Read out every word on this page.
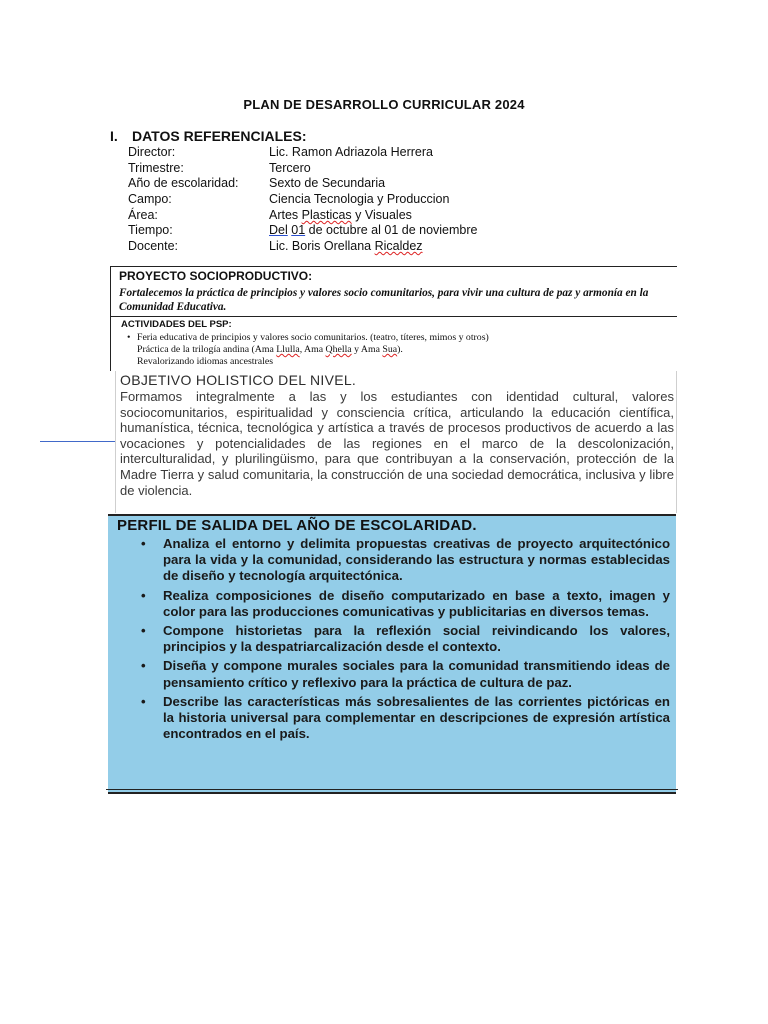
PLAN DE DESARROLLO CURRICULAR 2024
I. DATOS REFERENCIALES:
Director:	Lic. Ramon Adriazola Herrera
Trimestre:	Tercero
Año de escolaridad: Sexto de Secundaria
Campo:	Ciencia Tecnologia y Produccion
Área:	Artes Plasticas y Visuales
Tiempo:	Del 01 de octubre al 01 de noviembre
Docente:	Lic. Boris Orellana Ricaldez
PROYECTO SOCIOPRODUCTIVO:
Fortalecemos la práctica de principios y valores socio comunitarios, para vivir una cultura de paz y armonía en la Comunidad Educativa.
ACTIVIDADES DEL PSP:
• Feria educativa de principios y valores socio comunitarios. (teatro, títeres, mimos y otros)
Práctica de la trilogía andina (Ama Llulla, Ama Qhella y Ama Sua).
Revalorizando idiomas ancestrales
OBJETIVO HOLISTICO DEL NIVEL.
Formamos integralmente a las y los estudiantes con identidad cultural, valores sociocomunitarios, espiritualidad y consciencia crítica, articulando la educación científica, humanística, técnica, tecnológica y artística a través de procesos productivos de acuerdo a las vocaciones y potencialidades de las regiones en el marco de la descolonización, interculturalidad, y plurilingüismo, para que contribuyan a la conservación, protección de la Madre Tierra y salud comunitaria, la construcción de una sociedad democrática, inclusiva y libre de violencia.
PERFIL DE SALIDA DEL AÑO DE ESCOLARIDAD.
• Analiza el entorno y delimita propuestas creativas de proyecto arquitectónico para la vida y la comunidad, considerando las estructura y normas establecidas de diseño y tecnología arquitectónica.
• Realiza composiciones de diseño computarizado en base a texto, imagen y color para las producciones comunicativas y publicitarias en diversos temas.
• Compone historietas para la reflexión social reivindicando los valores, principios y la despatriarcalización desde el contexto.
• Diseña y compone murales sociales para la comunidad transmitiendo ideas de pensamiento crítico y reflexivo para la práctica de cultura de paz.
• Describe las características más sobresalientes de las corrientes pictóricas en la historia universal para complementar en descripciones de expresión artística encontrados en el país.
